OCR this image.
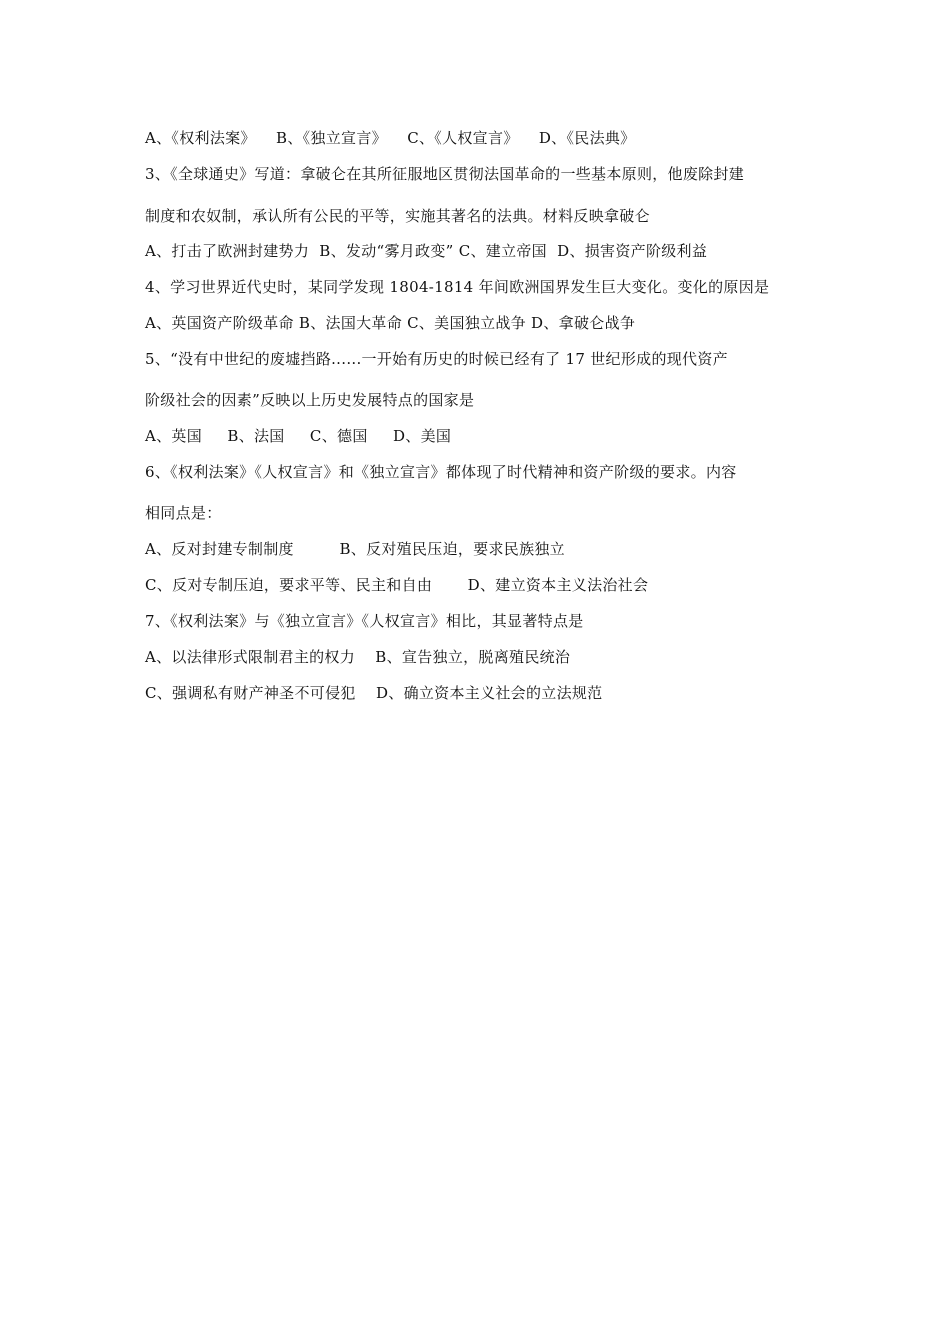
A、《权利法案》    B、《独立宣言》    C、《人权宣言》    D、《民法典》
3、《全球通史》写道：拿破仑在其所征服地区贯彻法国革命的一些基本原则，他废除封建
制度和农奴制，承认所有公民的平等，实施其著名的法典。材料反映拿破仑
A、打击了欧洲封建势力  B、发动“雾月政变” C、建立帝国  D、损害资产阶级利益
4、学习世界近代史时，某同学发现 1804-1814 年间欧洲国界发生巨大变化。变化的原因是
A、英国资产阶级革命 B、法国大革命 C、美国独立战争 D、拿破仑战争
5、“没有中世纪的废墟挡路......一开始有历史的时候已经有了 17 世纪形成的现代资产
阶级社会的因素”反映以上历史发展特点的国家是
A、英国     B、法国     C、德国     D、美国
6、《权利法案》《人权宣言》和《独立宣言》都体现了时代精神和资产阶级的要求。内容
相同点是：
A、反对封建专制制度         B、反对殖民压迫，要求民族独立
C、反对专制压迫，要求平等、民主和自由       D、建立资本主义法治社会
7、《权利法案》与《独立宣言》《人权宣言》相比，其显著特点是
A、以法律形式限制君主的权力    B、宣告独立，脱离殖民统治
C、强调私有财产神圣不可侵犯    D、确立资本主义社会的立法规范
